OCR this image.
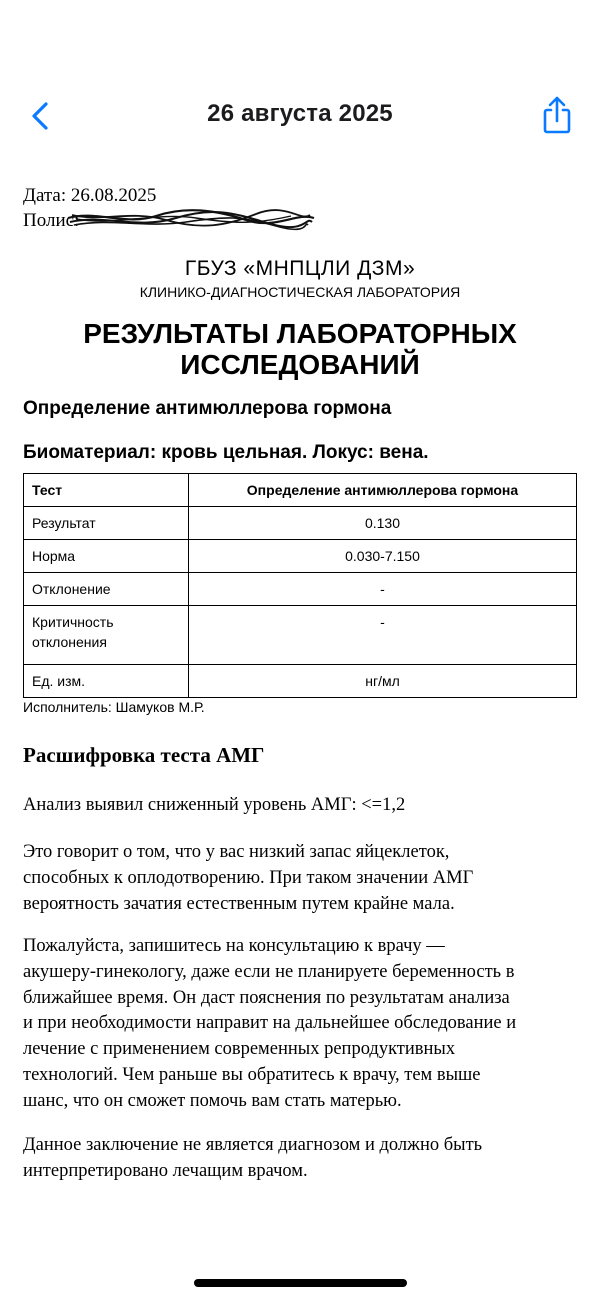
26 августа 2025
Дата: 26.08.2025
Полис:
ГБУЗ «МНПЦЛИ ДЗМ»
КЛИНИКО-ДИАГНОСТИЧЕСКАЯ ЛАБОРАТОРИЯ
РЕЗУЛЬТАТЫ ЛАБОРАТОРНЫХ
ИССЛЕДОВАНИЙ
Определение антимюллерова гормона
Биоматериал: кровь цельная. Локус: вена.
Тест	Определение антимюллерова гормона
Результат	0.130
Норма	0.030-7.150
Отклонение	-
Критичность отклонения	-
Ед. изм.	нг/мл
Исполнитель: Шамуков М.Р.
Расшифровка теста АМГ
Анализ выявил сниженный уровень АМГ: <=1,2
Это говорит о том, что у вас низкий запас яйцеклеток,
способных к оплодотворению. При таком значении АМГ
вероятность зачатия естественным путем крайне мала.
Пожалуйста, запишитесь на консультацию к врачу —
акушеру-гинекологу, даже если не планируете беременность в
ближайшее время. Он даст пояснения по результатам анализа
и при необходимости направит на дальнейшее обследование и
лечение с применением современных репродуктивных
технологий. Чем раньше вы обратитесь к врачу, тем выше
шанс, что он сможет помочь вам стать матерью.
Данное заключение не является диагнозом и должно быть
интерпретировано лечащим врачом.
